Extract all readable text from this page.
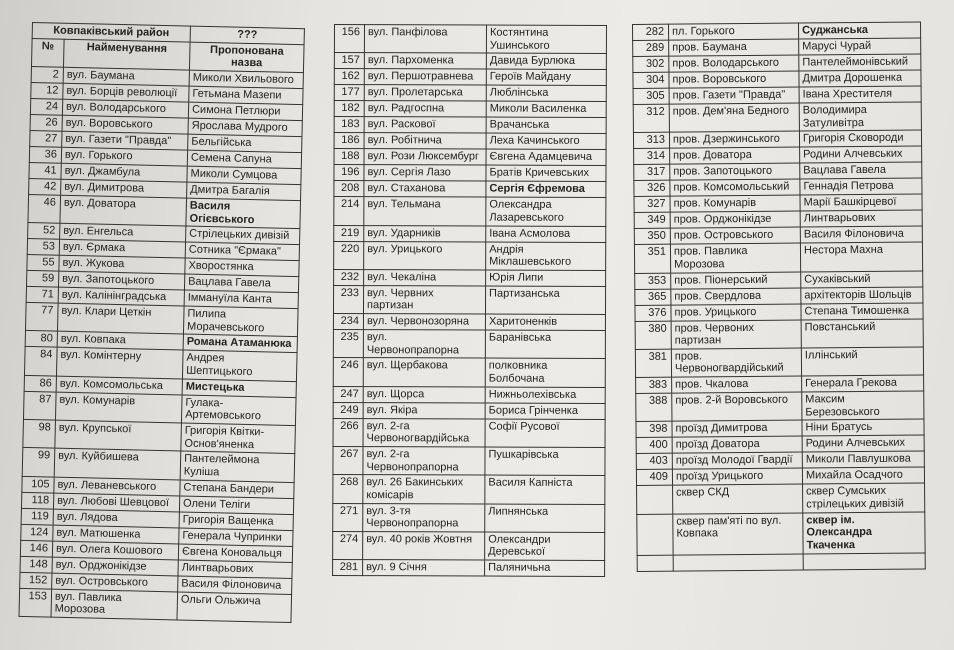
Ковпаківський район		???
№	Найменування	Пропонована назва
2	вул. Баумана	Миколи Хвильового
12	вул. Борців революції	Гетьмана Мазепи
24	вул. Володарського	Симона Петлюри
26	вул. Воровського	Ярослава Мудрого
27	вул. Газети "Правда"	Бельгійська
36	вул. Горького	Семена Сапуна
41	вул. Джамбула	Миколи Сумцова
42	вул. Димитрова	Дмитра Багалія
46	вул. Доватора	Василя Огієвського
52	вул. Енгельса	Стрілецьких дивізій
53	вул. Єрмака	Сотника "Єрмака"
55	вул. Жукова	Хворостянка
59	вул. Запотоцького	Вацлава Гавела
71	вул. Калінінградська	Іммануїла Канта
77	вул. Клари Цеткін	Пилипа Морачевського
80	вул. Ковпака	Романа Атаманюка
84	вул. Комінтерну	Андрея Шептицького
86	вул. Комсомольська	Мистецька
87	вул. Комунарів	Гулака-Артемовського
98	вул. Крупської	Григорія Квітки-Основ'яненка
99	вул. Куйбишева	Пантелеймона Куліша
105	вул. Леваневського	Степана Бандери
118	вул. Любові Шевцової	Олени Теліги
119	вул. Лядова	Григорія Ващенка
124	вул. Матюшенка	Генерала Чупринки
146	вул. Олега Кошового	Євгена Коновальця
148	вул. Орджонікідзе	Линтварьових
152	вул. Островського	Василя Філоновича
153	вул. Павлика Морозова	Ольги Ольжича
156	вул. Панфілова	Костянтина Ушинського
157	вул. Пархоменка	Давида Бурлюка
162	вул. Першотравнева	Героїв Майдану
177	вул. Пролетарська	Люблінська
182	вул. Радгоспна	Миколи Василенка
183	вул. Раскової	Врачанська
186	вул. Робітнича	Леха Качинського
188	вул. Рози Люксембург	Євгена Адамцевича
196	вул. Сергія Лазо	Братів Кричевських
208	вул. Стаханова	Сергія Єфремова
214	вул. Тельмана	Олександра Лазаревського
219	вул. Ударників	Івана Асмолова
220	вул. Урицького	Андрія Міклашевського
232	вул. Чекаліна	Юрія Липи
233	вул. Червних партизан	Партизанська
234	вул. Червонозоряна	Харитоненків
235	вул. Червонопрапорна	Баранівська
246	вул. Щербакова	полковника Болбочана
247	вул. Щорса	Нижньолехівська
249	вул. Якіра	Бориса Грінченка
266	вул. 2-га Червоногвардійська	Софії Русової
267	вул. 2-га Червонопрапорна	Пушкарівська
268	вул. 26 Бакинських комісарів	Василя Капніста
271	вул. 3-тя Червонопрапорна	Липнянська
274	вул. 40 років Жовтня	Олександри Деревської
281	вул. 9 Січня	Паляничьна
282	пл. Горького	Суджанська
289	пров. Баумана	Марусі Чурай
302	пров. Володарського	Пантелеймонівський
304	пров. Воровського	Дмитра Дорошенка
305	пров. Газети "Правда"	Івана Хрестителя
312	пров. Дем'яна Бедного	Володимира Затуливітра
313	пров. Дзержинського	Григорія Сковороди
314	пров. Доватора	Родини Алчевських
317	пров. Запотоцького	Вацлава Гавела
326	пров. Комсомольський	Геннадія Петрова
327	пров. Комунарів	Марії Башкірцевої
349	пров. Орджонікідзе	Линтварьових
350	пров. Островського	Василя Філоновича
351	пров. Павлика Морозова	Нестора Махна
353	пров. Піонерський	Сухаківський
365	пров. Свердлова	архітекторів Шольців
376	пров. Урицького	Степана Тимошенка
380	пров. Червоних партизан	Повстанський
381	пров. Червоногвардійський	Іллінський
383	пров. Чкалова	Генерала Грекова
388	пров. 2-й Воровського	Максим Березовського
398	проїзд Димитрова	Ніни Братусь
400	проїзд Доватора	Родини Алчевських
403	проїзд Молодої Гвардії	Миколи Павлушкова
409	проїзд Урицького	Михайла Осадчого
	сквер СКД	сквер Сумських стрілецьких дивізій
	сквер пам'яті по вул. Ковпака	сквер ім. Олександра Ткаченка
